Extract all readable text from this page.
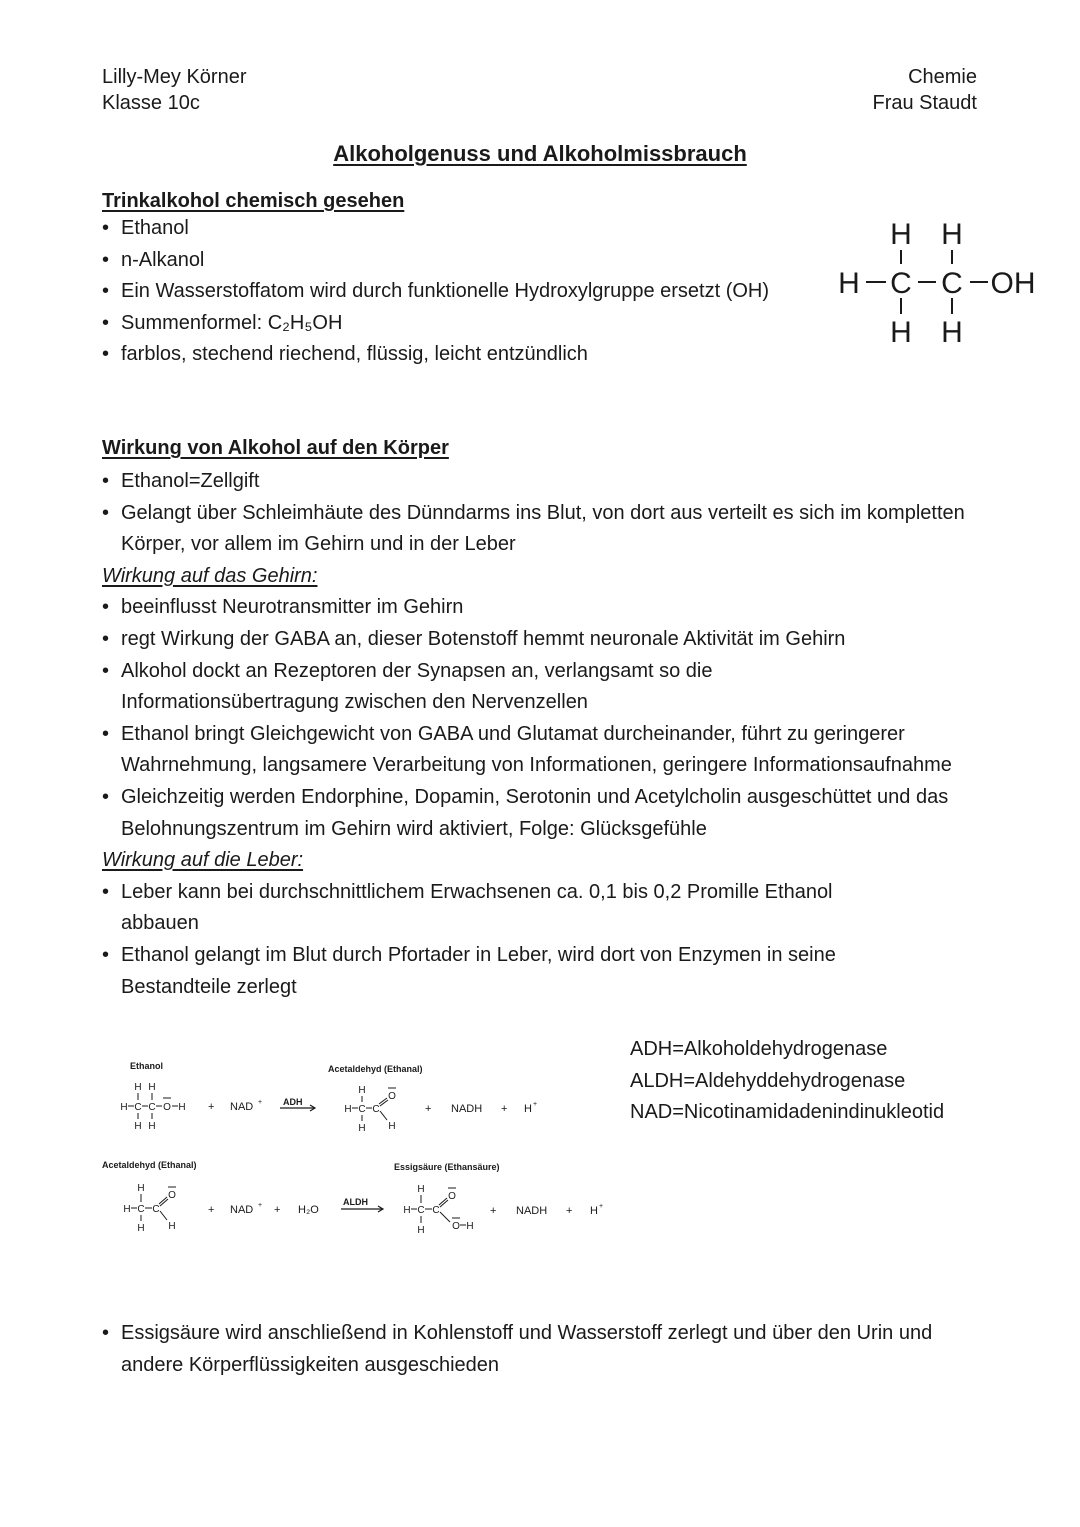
Lilly-Mey Körner
Klasse 10c
Chemie
Frau Staudt
Alkoholgenuss und Alkoholmissbrauch
Trinkalkohol chemisch gesehen
• Ethanol
• n-Alkanol
• Ein Wasserstoffatom wird durch funktionelle Hydroxylgruppe ersetzt (OH)
• Summenformel: C₂H₅OH
• farblos, stechend riechend, flüssig, leicht entzündlich
H H
H C C OH
H H
Wirkung von Alkohol auf den Körper
• Ethanol=Zellgift
• Gelangt über Schleimhäute des Dünndarms ins Blut, von dort aus verteilt es sich im kompletten Körper, vor allem im Gehirn und in der Leber
Wirkung auf das Gehirn:
• beeinflusst Neurotransmitter im Gehirn
• regt Wirkung der GABA an, dieser Botenstoff hemmt neuronale Aktivität im Gehirn
• Alkohol dockt an Rezeptoren der Synapsen an, verlangsamt so die Informationsübertragung zwischen den Nervenzellen
• Ethanol bringt Gleichgewicht von GABA und Glutamat durcheinander, führt zu geringerer Wahrnehmung, langsamere Verarbeitung von Informationen, geringere Informationsaufnahme
• Gleichzeitig werden Endorphine, Dopamin, Serotonin und Acetylcholin ausgeschüttet und das Belohnungszentrum im Gehirn wird aktiviert, Folge: Glücksgefühle
Wirkung auf die Leber:
• Leber kann bei durchschnittlichem Erwachsenen ca. 0,1 bis 0,2 Promille Ethanol abbauen
• Ethanol gelangt im Blut durch Pfortader in Leber, wird dort von Enzymen in seine Bestandteile zerlegt
ADH=Alkoholdehydrogenase
ALDH=Aldehyddehydrogenase
NAD=Nicotinamidadenindinukleotid
Ethanol	Acetaldehyd (Ethanal)
H H
H C C O H
H H
+ NAD + ADH
+ NADH + H +
H
H C C
O
H
H
Acetaldehyd (Ethanal)	Essigsäure (Ethansäure)
H
H C C
O
H
H
+ NAD + + H₂O
ALDH
+ NADH + H +
H
H C C
O
O H
H
• Essigsäure wird anschließend in Kohlenstoff und Wasserstoff zerlegt und über den Urin und andere Körperflüssigkeiten ausgeschieden
